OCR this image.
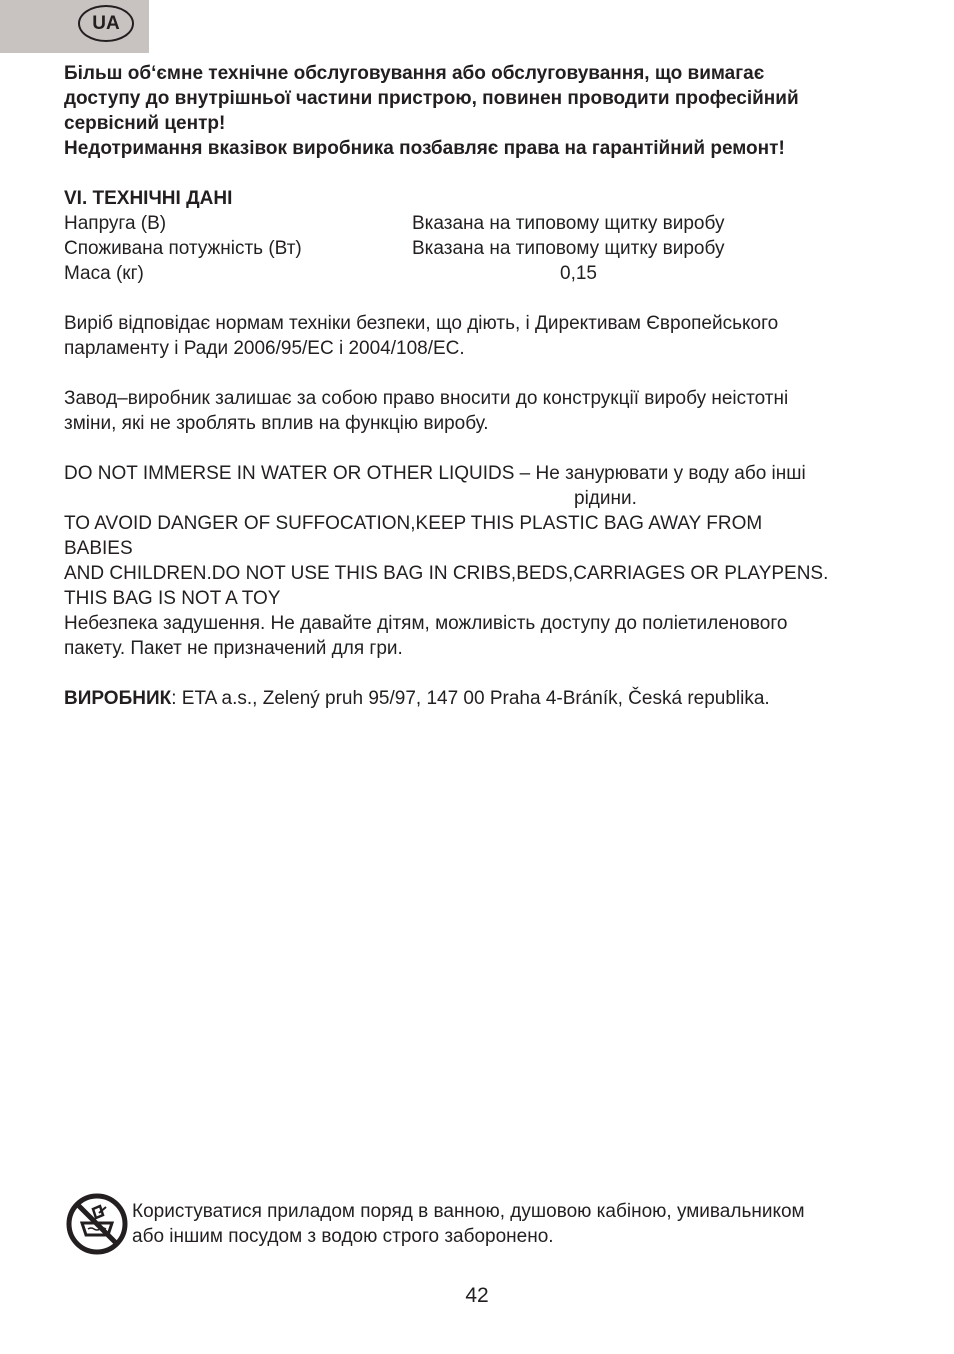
UA

Більш об‘ємне технічне обслуговування або обслуговування, що вимагає

доступу до внутрішньої частини пристрою, повинен проводити професійний

сервісний центр!

Недотримання вказівок виробника позбавляє права на гарантійний ремонт!

VI. ТЕХНІЧНІ ДАНІ

Напруга (В)	Вказана на типовому щитку виробу
Споживана потужність (Вт)	Вказана на типовому щитку виробу
Маса (кг)	0,15

Виріб відповідає нормам техніки безпеки, що діють, і Директивам Європейського

парламенту і Ради 2006/95/ЕС і 2004/108/ЕС.

Завод–виробник залишає за собою право вносити до конструкції виробу неістотні

зміни, які не зроблять вплив на функцію виробу.

DO NOT IMMERSE IN WATER OR OTHER LIQUIDS – Не занурювати у воду або інші

рідини.

TO AVOID DANGER OF SUFFOCATION,KEEP THIS PLASTIC BAG AWAY FROM

BABIES

AND CHILDREN.DO NOT USE THIS BAG IN CRIBS,BEDS,CARRIAGES OR PLAYPENS.

THIS BAG IS NOT A TOY

Небезпека задушення. Не давайте дітям, можливість доступу до поліетиленового

пакету. Пакет не призначений для гри.

ВИРОБНИК: ETA a.s., Zelený pruh 95/97, 147 00 Praha 4-Bráník, Česká republika.

Користуватися приладом поряд в ванною, душовою кабіною, умивальником
або іншим посудом з водою строго заборонено.
42
